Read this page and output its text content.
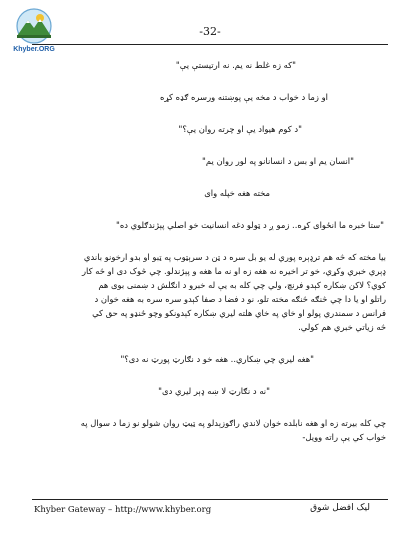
Khyber.ORG
-32-

"که زه غلط نه یم. نه ارتیستې یې"

او زما د خواب د مخه یې پوښتنه ورسره ګډه کړه

"د کوم هیواد یې او چرته روان یې؟"

"انسان یم او بس د انسانانو په لور روان یم"

مخته هغه خپله وای

"ستا خبره ما انځوای کړه.. زمو ږ د ټولو دغه انسانیت خو اصلي پېژندګلوي ده"

بیا مخته که څه هم ترډېره پوري له یو بل سره د ټن د سرېټوب په ټبو او بدو ارخونو باندي

ډېري خبري وکړي، خو تر اخیره نه هغه زه او نه ما هغه و پېژندلو. چي څوک دی او څه کار

کوي؟ لاکن ښکاره کېدو فرنچ، ولي چي کله به یې له خبرو د انګلش د ښمنی بوی هم

راتلو او یا دا چي څنګه څنګه مخته تلو، نو د فضا د صفا کېدو سره سره به هغه خوان د

فرانس د سمندري پولو او خاي په خاي هلته لیري ښکاره کېدونکو وچو ځنډو په حق کي

څه زیاتي خبري هم کولي.

"هغه لیري چي ښکاري.. هغه خو د نګارټ پورټ نه دی؟"

"نه د نګارټ لا ښه ډېر لیري دی"

چي کله بیرته زه او هغه نابلده خوان لاندي راګوزېدلو په ټیټ روان شولو نو زما د سوال په

خواب کي یې راته وویل-

Khyber Gateway – http://www.khyber.org	لیک افضل شوق
